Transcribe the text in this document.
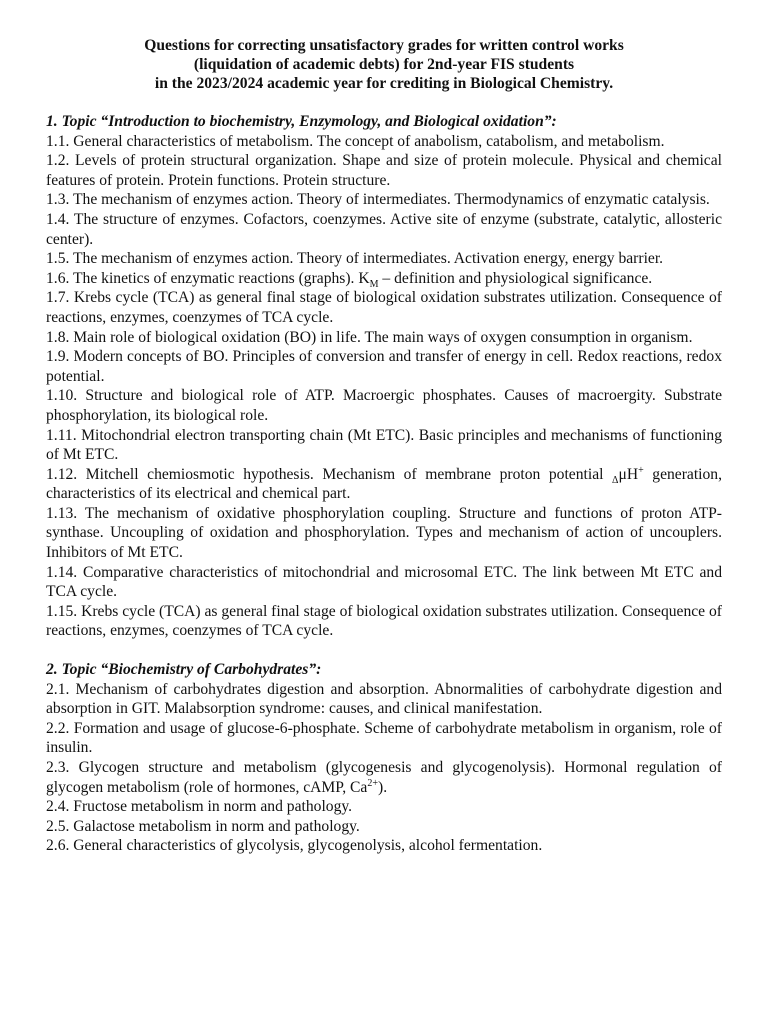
Questions for correcting unsatisfactory grades for written control works
(liquidation of academic debts) for 2nd-year FIS students
in the 2023/2024 academic year for crediting in Biological Chemistry.

1. Topic “Introduction to biochemistry, Enzymology, and Biological oxidation”:

1.1. General characteristics of metabolism. The concept of anabolism, catabolism, and metabolism.

1.2. Levels of protein structural organization. Shape and size of protein molecule. Physical and chemical features of protein. Protein functions. Protein structure.

1.3. The mechanism of enzymes action. Theory of intermediates. Thermodynamics of enzymatic catalysis.

1.4. The structure of enzymes. Cofactors, coenzymes. Active site of enzyme (substrate, catalytic, allosteric center).

1.5. The mechanism of enzymes action. Theory of intermediates. Activation energy, energy barrier.

1.6. The kinetics of enzymatic reactions (graphs). $K_M$ – definition and physiological significance.

1.7. Krebs cycle (TCA) as general final stage of biological oxidation substrates utilization. Consequence of reactions, enzymes, coenzymes of TCA cycle.

1.8. Main role of biological oxidation (BO) in life. The main ways of oxygen consumption in organism.

1.9. Modern concepts of BO. Principles of conversion and transfer of energy in cell. Redox reactions, redox potential.

1.10. Structure and biological role of ATP. Macroergic phosphates. Causes of macroergity. Substrate phosphorylation, its biological role.

1.11. Mitochondrial electron transporting chain (Mt ETC). Basic principles and mechanisms of functioning of Mt ETC.

1.12. Mitchell chemiosmotic hypothesis. Mechanism of membrane proton potential $_\Delta$μH+ generation, characteristics of its electrical and chemical part.

1.13. The mechanism of oxidative phosphorylation coupling. Structure and functions of proton ATP-synthase. Uncoupling of oxidation and phosphorylation. Types and mechanism of action of uncouplers. Inhibitors of Mt ETC.

1.14. Comparative characteristics of mitochondrial and microsomal ETC. The link between Mt ETC and TCA cycle.

1.15. Krebs cycle (TCA) as general final stage of biological oxidation substrates utilization. Consequence of reactions, enzymes, coenzymes of TCA cycle.

2. Topic “Biochemistry of Carbohydrates”:

2.1. Mechanism of carbohydrates digestion and absorption. Abnormalities of carbohydrate digestion and absorption in GIT. Malabsorption syndrome: causes, and clinical manifestation.

2.2. Formation and usage of glucose-6-phosphate. Scheme of carbohydrate metabolism in organism, role of insulin.

2.3. Glycogen structure and metabolism (glycogenesis and glycogenolysis). Hormonal regulation of glycogen metabolism (role of hormones, cAMP, $Ca^{2+}$).

2.4. Fructose metabolism in norm and pathology.

2.5. Galactose metabolism in norm and pathology.

2.6. General characteristics of glycolysis, glycogenolysis, alcohol fermentation.
